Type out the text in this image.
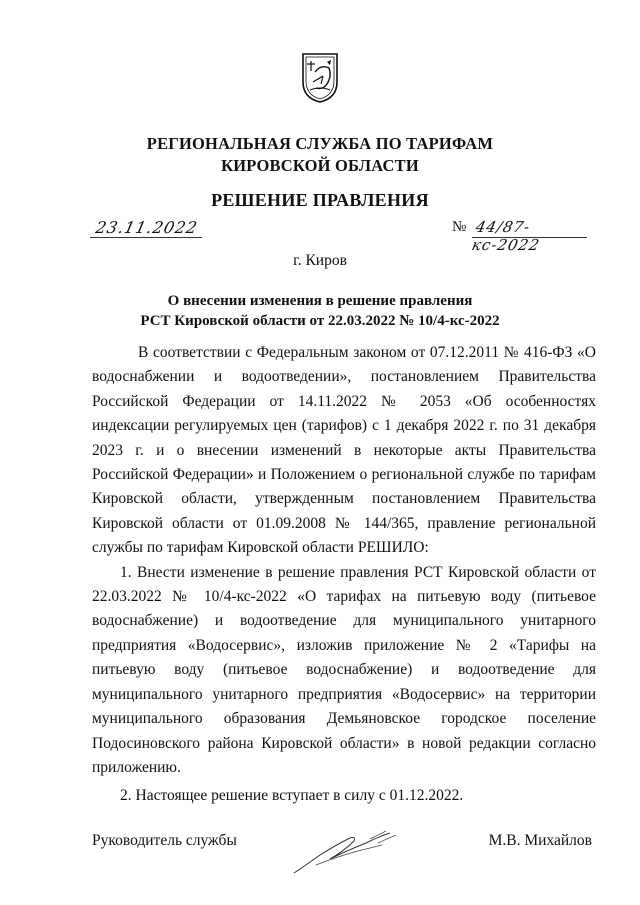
РЕГИОНАЛЬНАЯ СЛУЖБА ПО ТАРИФАМ
КИРОВСКОЙ ОБЛАСТИ
РЕШЕНИЕ ПРАВЛЕНИЯ
23.11.2022	№ 44/87-кс-2022
г. Киров
О внесении изменения в решение правления
РСТ Кировской области от 22.03.2022 № 10/4-кс-2022

В соответствии с Федеральным законом от 07.12.2011 № 416-ФЗ «О водоснабжении и водоотведении», постановлением Правительства Российской Федерации от 14.11.2022 № 2053 «Об особенностях индексации регулируемых цен (тарифов) с 1 декабря 2022 г. по 31 декабря 2023 г. и о внесении изменений в некоторые акты Правительства Российской Федерации» и Положением о региональной службе по тарифам Кировской области, утвержденным постановлением Правительства Кировской области от 01.09.2008 № 144/365, правление региональной службы по тарифам Кировской области РЕШИЛО:

1. Внести изменение в решение правления РСТ Кировской области от 22.03.2022 № 10/4-кс-2022 «О тарифах на питьевую воду (питьевое водоснабжение) и водоотведение для муниципального унитарного предприятия «Водосервис», изложив приложение № 2 «Тарифы на питьевую воду (питьевое водоснабжение) и водоотведение для муниципального унитарного предприятия «Водосервис» на территории муниципального образования Демьяновское городское поселение Подосиновского района Кировской области» в новой редакции согласно приложению.

2. Настоящее решение вступает в силу с 01.12.2022.

Руководитель службы	М.В. Михайлов
